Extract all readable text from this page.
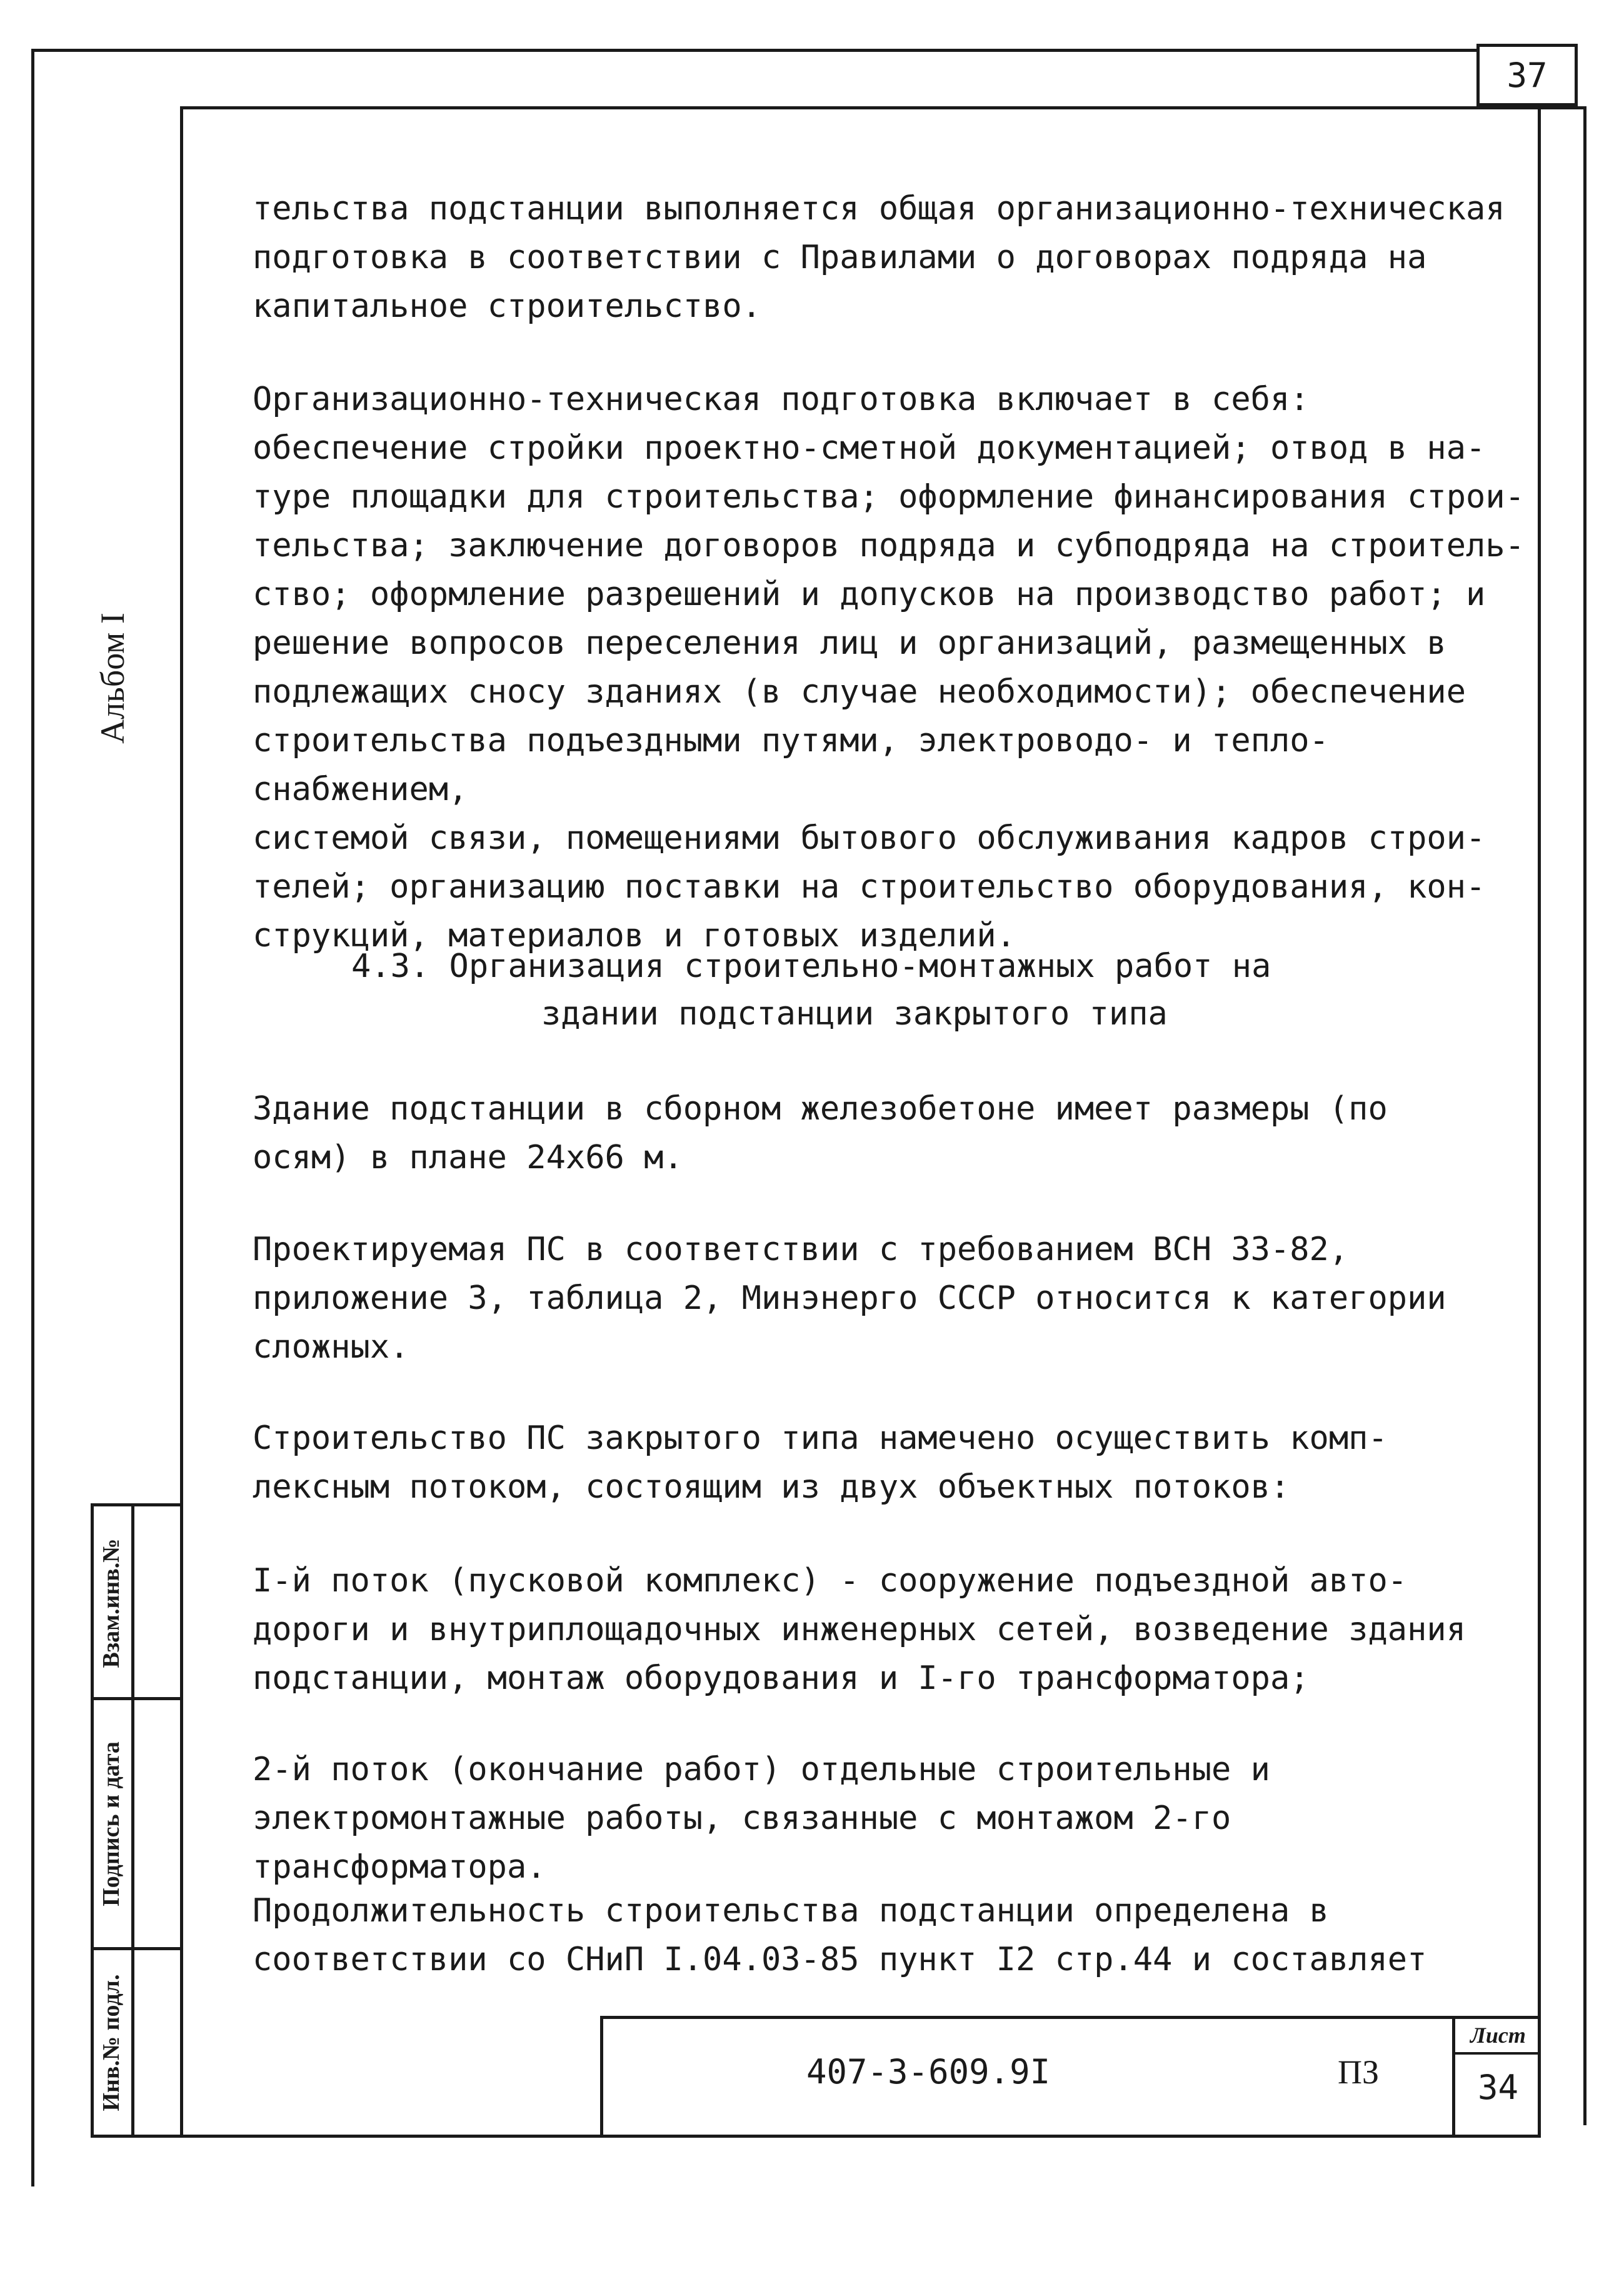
37
Альбом I
Взам.инв.№
Подпись и дата
Инв.№ подл.
тельства подстанции выполняется общая организационно-техническая
подготовка в соответствии с Правилами о договорах подряда на
капитальное строительство.
Организационно-техническая подготовка включает в себя:
обеспечение стройки проектно-сметной документацией; отвод в на-
туре площадки для строительства; оформление финансирования строи-
тельства; заключение договоров подряда и субподряда на строитель-
ство; оформление разрешений и допусков на производство работ; и
решение вопросов переселения лиц и организаций, размещенных в
подлежащих сносу зданиях (в случае необходимости); обеспечение
строительства подъездными путями, электроводо- и тепло-снабжением,
системой связи, помещениями бытового обслуживания кадров строи-
телей; организацию поставки на строительство оборудования, кон-
струкций, материалов и готовых изделий.
4.3. Организация строительно-монтажных работ на
здании подстанции закрытого типа
Здание подстанции в сборном железобетоне имеет размеры (по
осям) в плане 24х66 м.
Проектируемая ПС в соответствии с требованием ВСН 33-82,
приложение 3, таблица 2, Минэнерго СССР относится к категории
сложных.
Строительство ПС закрытого типа намечено осуществить комп-
лексным потоком, состоящим из двух объектных потоков:
I-й поток (пусковой комплекс) - сооружение подъездной авто-
дороги и внутриплощадочных инженерных сетей, возведение здания
подстанции, монтаж оборудования и I-го трансформатора;
2-й поток (окончание работ) отдельные строительные и
электромонтажные работы, связанные с монтажом 2-го трансформатора.
Продолжительность строительства подстанции определена в
соответствии со СНиП I.04.03-85 пункт I2 стр.44 и составляет
407-3-609.9I	ПЗ
Лист
34
